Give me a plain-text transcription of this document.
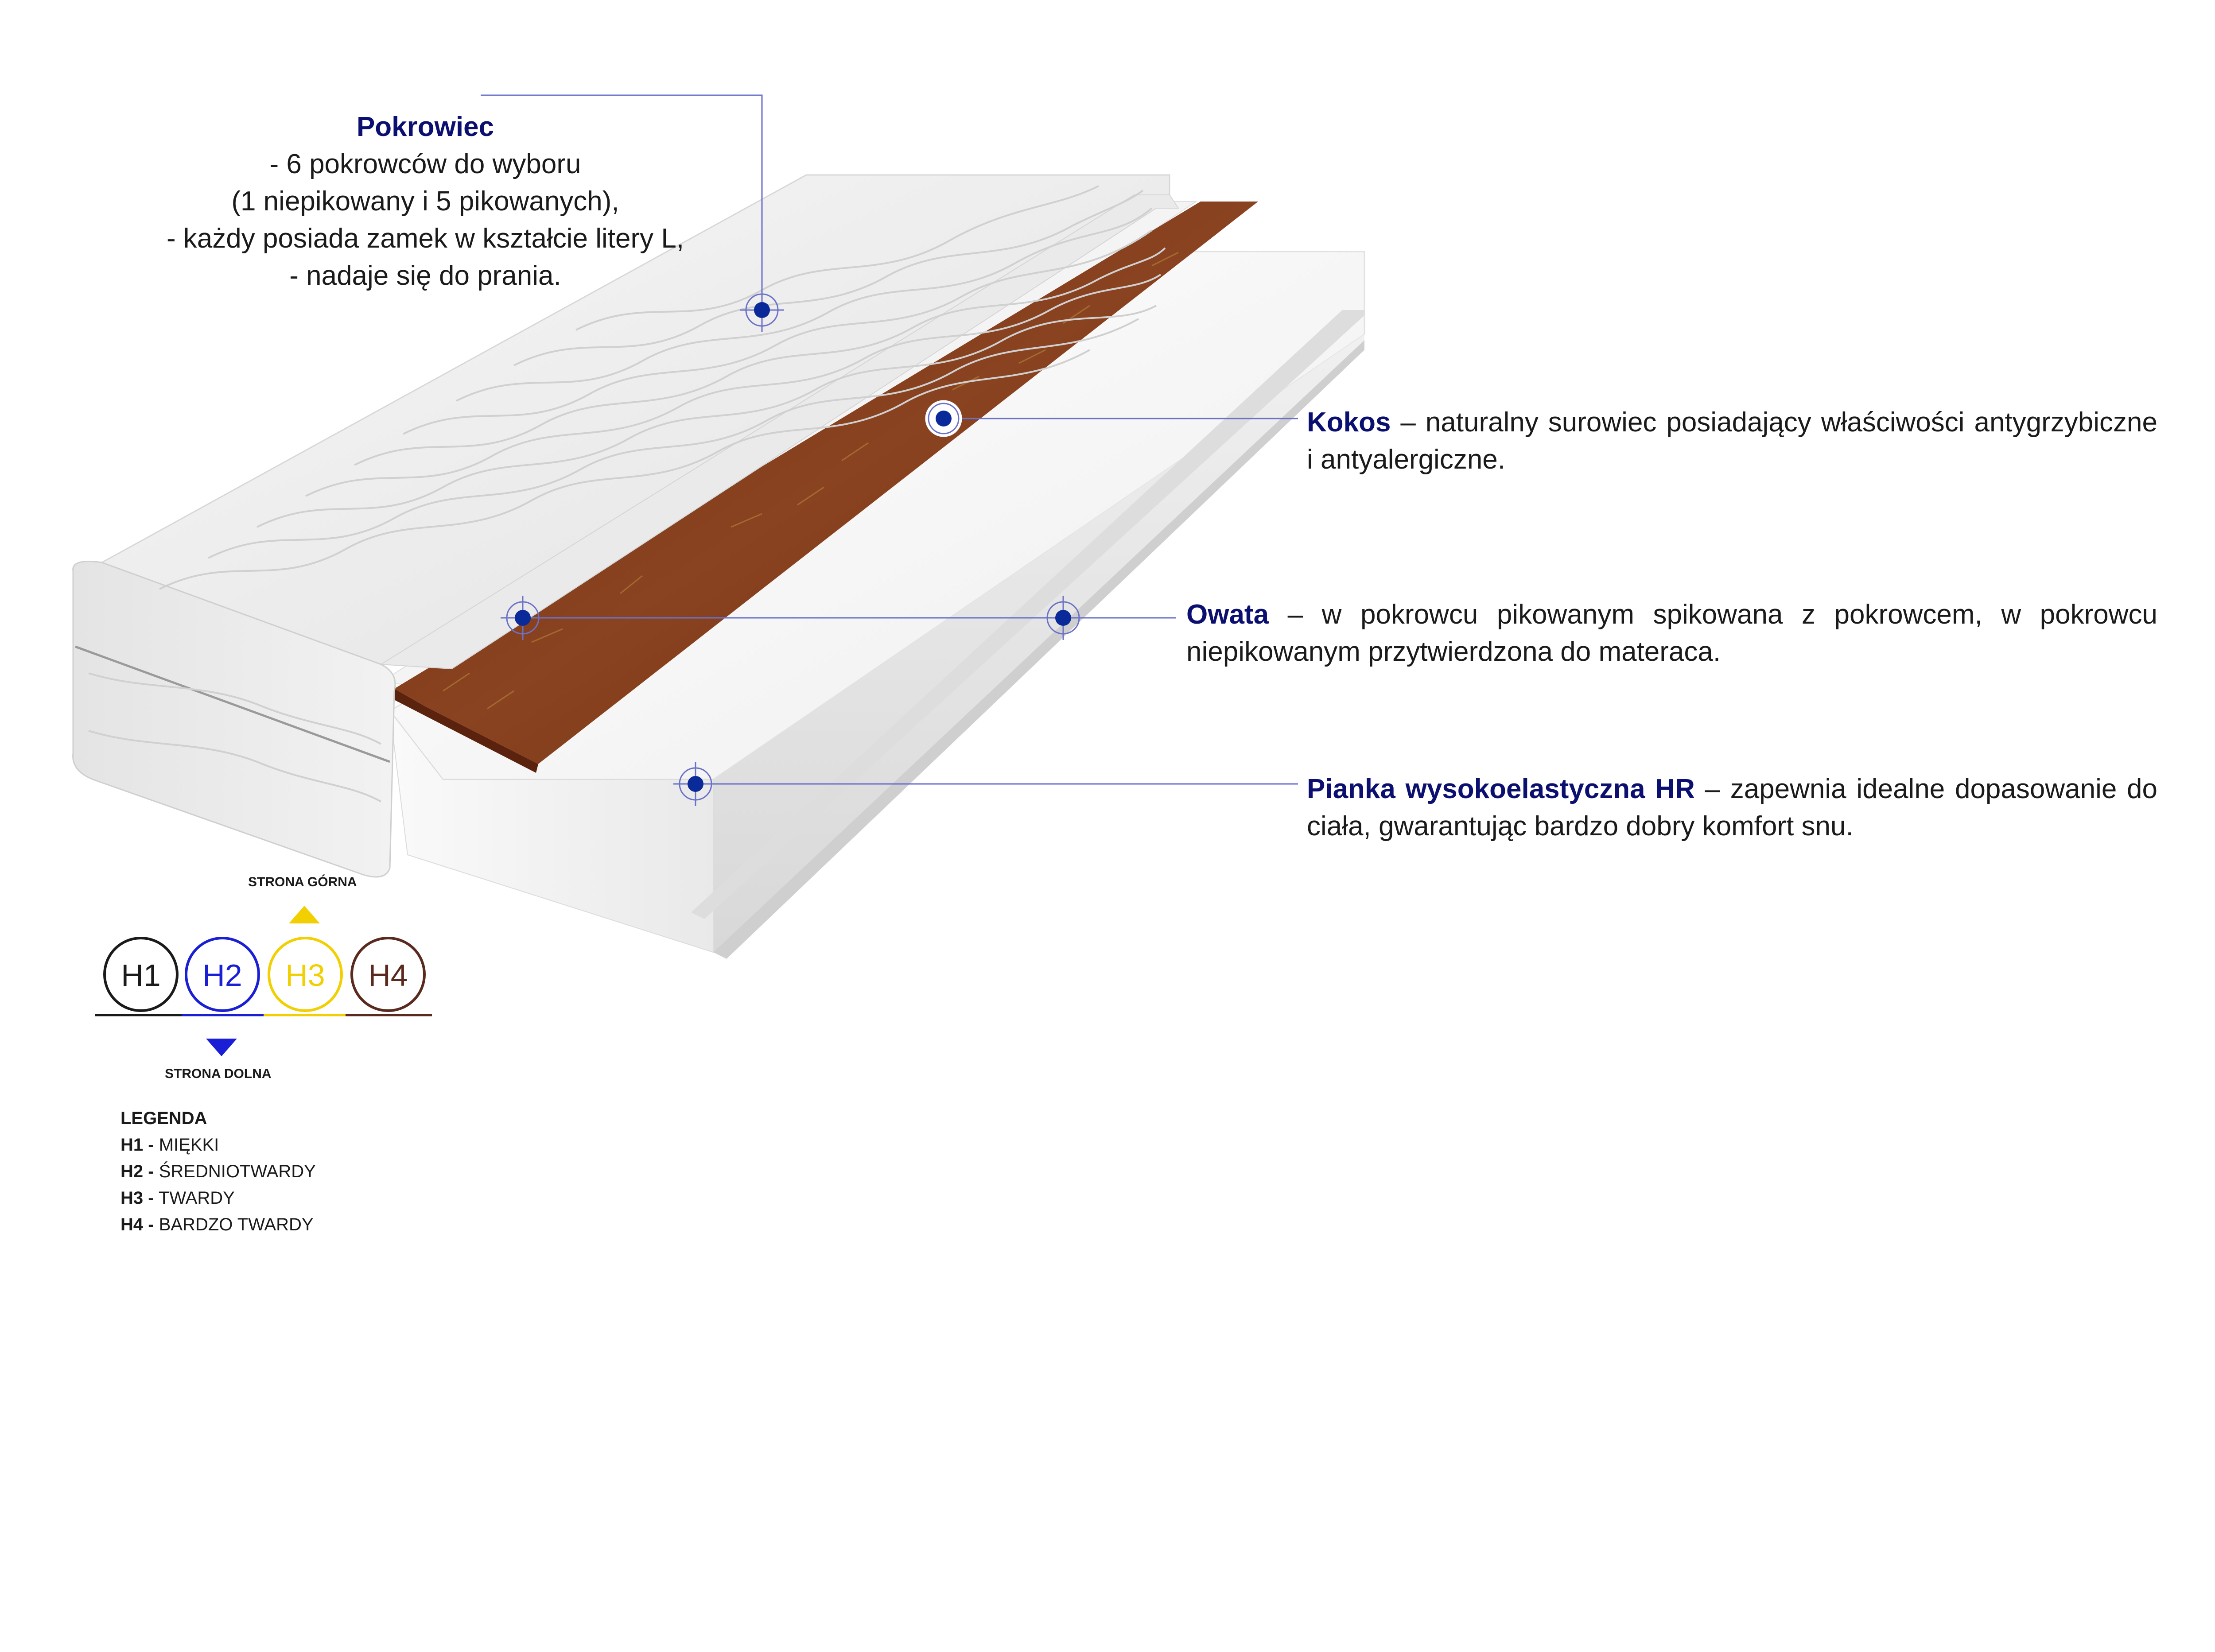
H1 H2 H3 H4
Pokrowiec
- 6 pokrowców do wyboru
(1 niepikowany i 5 pikowanych),
- każdy posiada zamek w kształcie litery L,
- nadaje się do prania.
Kokos – naturalny surowiec posiadający właściwości antygrzybiczne i antyalergiczne.
Owata – w pokrowcu pikowanym spikowana z pokrowcem, w pokrowcu niepikowanym przytwierdzona do materaca.
Pianka wysokoelastyczna HR – zapewnia idealne dopasowanie do ciała, gwarantując bardzo dobry komfort snu.
STRONA GÓRNA
STRONA DOLNA
LEGENDA
H1 - MIĘKKI
H2 - ŚREDNIOTWARDY
H3 - TWARDY
H4 - BARDZO TWARDY
